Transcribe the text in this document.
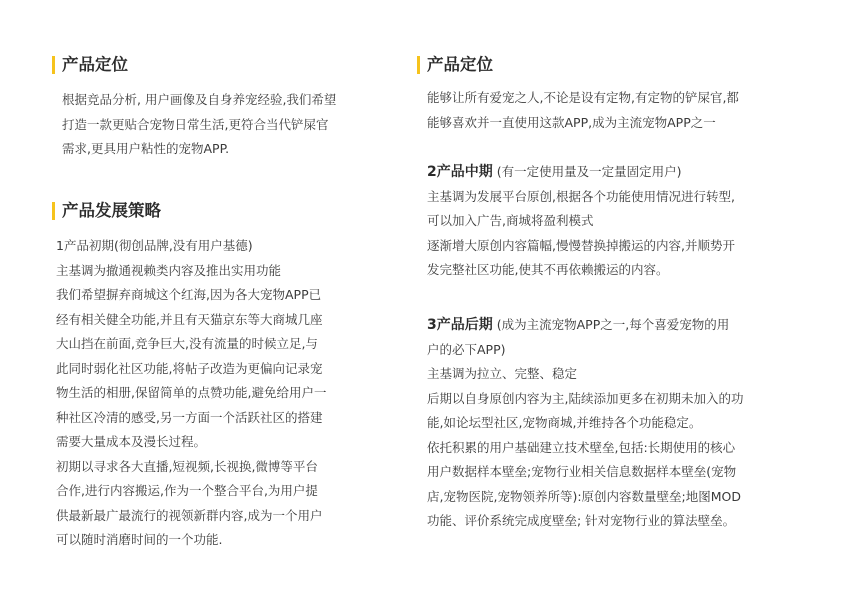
产品定位
根据竞品分析, 用户画像及自身养宠经验,我们希望
打造一款更贴合宠物日常生活,更符合当代铲屎官
需求,更具用户粘性的宠物APP.
产品发展策略
1产品初期(彻创品牌,没有用户基德)
主基调为撤通视赖类内容及推出实用功能
我们希望摒弃商城这个红海,因为各大宠物APP已
经有相关健全功能,并且有天猫京东等大商城几座
大山挡在前面,竞争巨大,没有流量的时候立足,与
此同时弱化社区功能,将帖子改造为更偏向记录宠
物生活的相册,保留简单的点赞功能,避免给用户一
种社区冷清的感受,另一方面一个活跃社区的搭建
需要大量成本及漫长过程。
初期以寻求各大直播,短视频,长视换,微博等平台
合作,进行内容搬运,作为一个整合平台,为用户提
供最新最广最流行的视领新群内容,成为一个用户
可以随时消磨时间的一个功能.
产品定位
能够让所有爱宠之人,不论是设有定物,有定物的铲屎官,都
能够喜欢并一直使用这款APP,成为主流宠物APP之一
2产品中期 (有一定使用量及一定量固定用户)
主基调为发展平台原创,根据各个功能使用情况进行转型,
可以加入广告,商城将盈利模式
逐渐增大原创内容篇幅,慢慢替换掉搬运的内容,并顺势开
发完整社区功能,使其不再依赖搬运的内容。
3产品后期 (成为主流宠物APP之一,每个喜爱宠物的用
户的必下APP)
主基调为拉立、完整、稳定
后期以自身原创内容为主,陆续添加更多在初期未加入的功
能,如论坛型社区,宠物商城,并维持各个功能稳定。
依托积累的用户基础建立技术壁垒,包括:长期使用的核心
用户数据样本壁垒;宠物行业相关信息数据样本壁垒(宠物
店,宠物医院,宠物领养所等):原创内容数量壁垒;地图MOD
功能、评价系统完成度壁垒; 针对宠物行业的算法壁垒。
